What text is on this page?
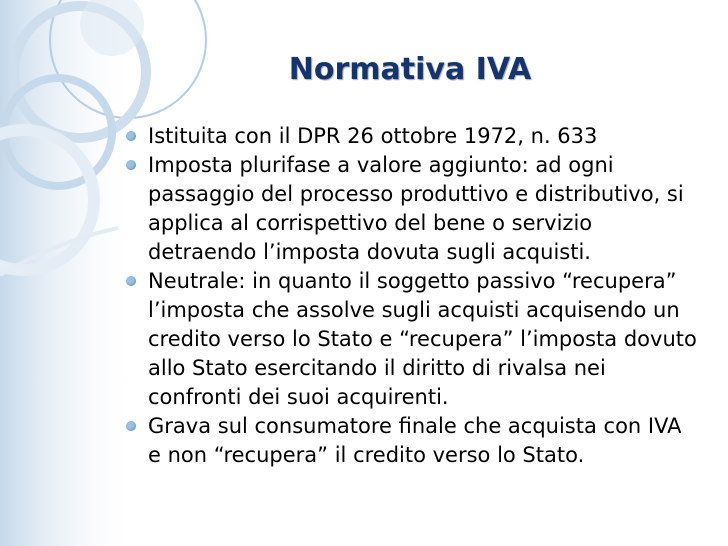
Normativa IVA
Istituita con il DPR 26 ottobre 1972, n. 633
Imposta plurifase a valore aggiunto: ad ogni passaggio del processo produttivo e distributivo, si applica al corrispettivo del bene o servizio detraendo l’imposta dovuta sugli acquisti.
Neutrale: in quanto il soggetto passivo “recupera” l’imposta che assolve sugli acquisti acquisendo un credito verso lo Stato e “recupera” l’imposta dovuto allo Stato esercitando il diritto di rivalsa nei confronti dei suoi acquirenti.
Grava sul consumatore finale che acquista con IVA e non “recupera” il credito verso lo Stato.
